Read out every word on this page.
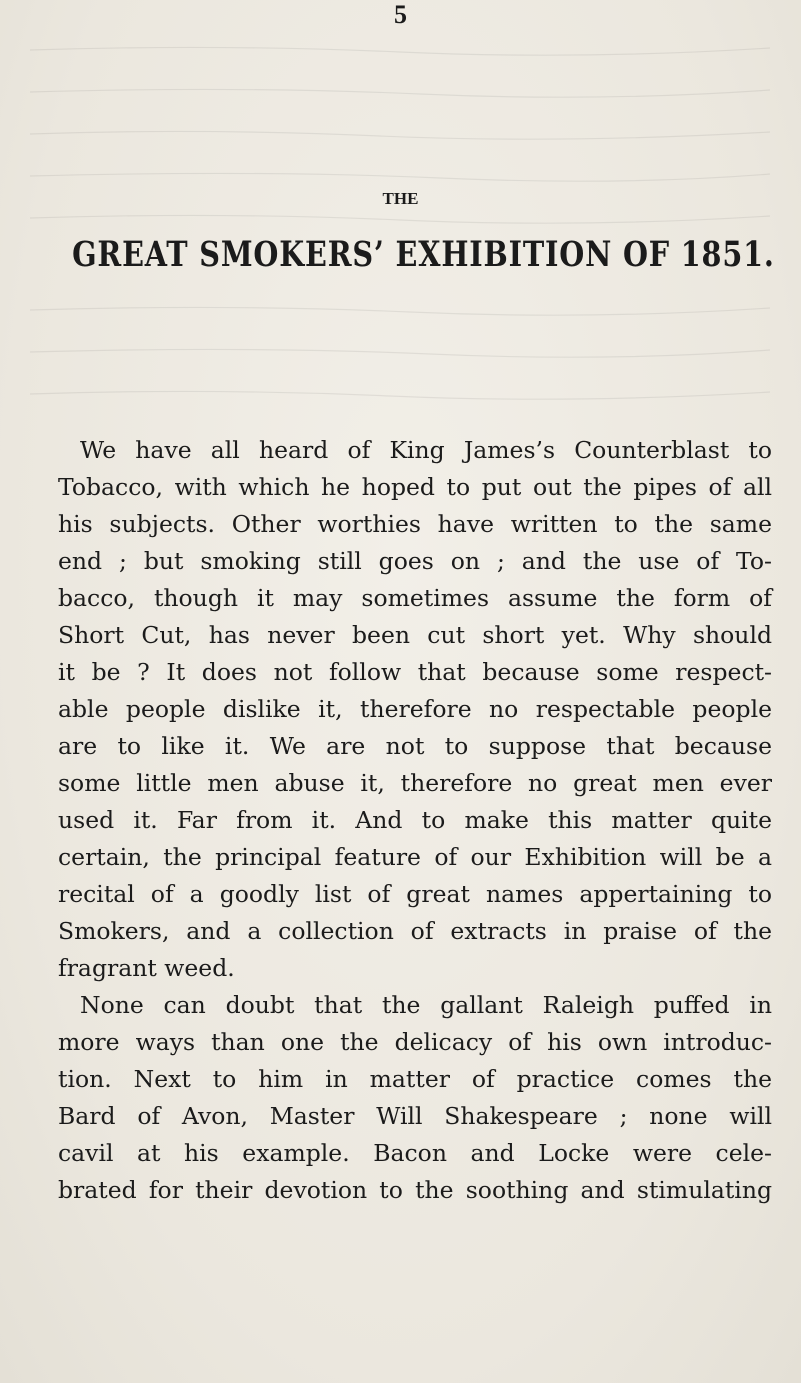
5
THE
GREAT SMOKERS’ EXHIBITION OF 1851.
We have all heard of King James’s Counterblast to
Tobacco, with which he hoped to put out the pipes of all
his subjects. Other worthies have written to the same
end ; but smoking still goes on ; and the use of To-
bacco, though it may sometimes assume the form of
Short Cut, has never been cut short yet. Why should
it be ? It does not follow that because some respect-
able people dislike it, therefore no respectable people
are to like it. We are not to suppose that because
some little men abuse it, therefore no great men ever
used it. Far from it. And to make this matter quite
certain, the principal feature of our Exhibition will be a
recital of a goodly list of great names appertaining to
Smokers, and a collection of extracts in praise of the
fragrant weed.
None can doubt that the gallant Raleigh puffed in
more ways than one the delicacy of his own introduc-
tion. Next to him in matter of practice comes the
Bard of Avon, Master Will Shakespeare ; none will
cavil at his example. Bacon and Locke were cele-
brated for their devotion to the soothing and stimulating
